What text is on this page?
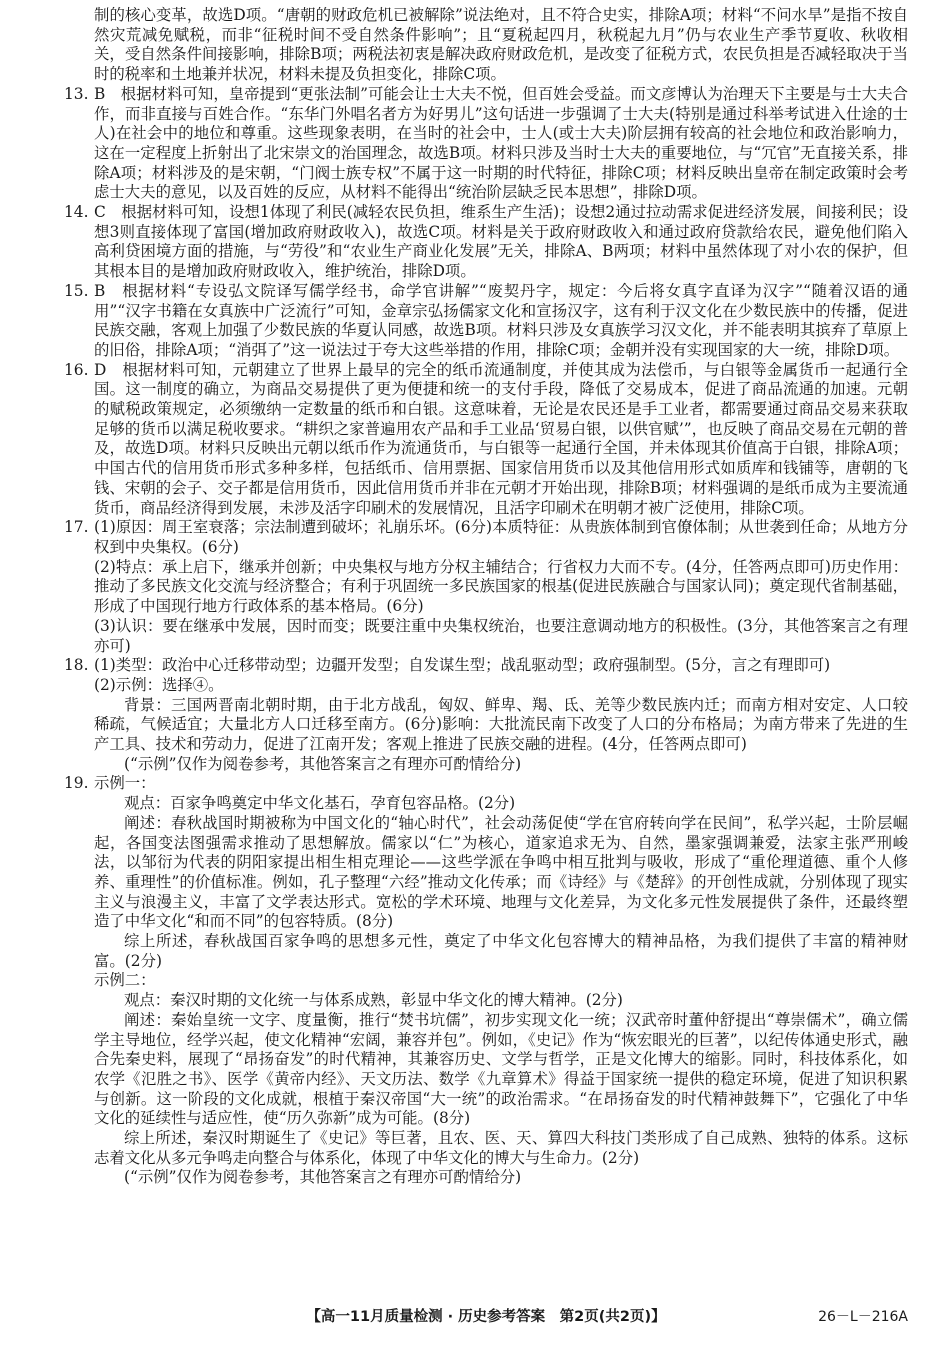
制的核心变革，故选D项。“唐朝的财政危机已被解除”说法绝对，且不符合史实，排除A项；材料“不问水旱”是指不按自然灾荒减免赋税，而非“征税时间不受自然条件影响”；且“夏税起四月，秋税起九月”仍与农业生产季节夏收、秋收相关，受自然条件间接影响，排除B项；两税法初衷是解决政府财政危机，是改变了征税方式，农民负担是否减轻取决于当时的税率和土地兼并状况，材料未提及负担变化，排除C项。

13. B　根据材料可知，皇帝提到“更张法制”可能会让士大夫不悦，但百姓会受益。而文彦博认为治理天下主要是与士大夫合作，而非直接与百姓合作。“东华门外唱名者方为好男儿”这句话进一步强调了士大夫(特别是通过科举考试进入仕途的士人)在社会中的地位和尊重。这些现象表明，在当时的社会中，士人(或士大夫)阶层拥有较高的社会地位和政治影响力，这在一定程度上折射出了北宋崇文的治国理念，故选B项。材料只涉及当时士大夫的重要地位，与“冗官”无直接关系，排除A项；材料涉及的是宋朝，“门阀士族专权”不属于这一时期的时代特征，排除C项；材料反映出皇帝在制定政策时会考虑士大夫的意见，以及百姓的反应，从材料不能得出“统治阶层缺乏民本思想”，排除D项。

14. C　根据材料可知，设想1体现了利民(减轻农民负担，维系生产生活)；设想2通过拉动需求促进经济发展，间接利民；设想3则直接体现了富国(增加政府财政收入)，故选C项。材料是关于政府财政收入和通过政府贷款给农民，避免他们陷入高利贷困境方面的措施，与“劳役”和“农业生产商业化发展”无关，排除A、B两项；材料中虽然体现了对小农的保护，但其根本目的是增加政府财政收入，维护统治，排除D项。

15. B　根据材料“专设弘文院译写儒学经书，命学官讲解”“废契丹字，规定：今后将女真字直译为汉字”“随着汉语的通用”“汉字书籍在女真族中广泛流行”可知，金章宗弘扬儒家文化和宣扬汉字，这有利于汉文化在少数民族中的传播，促进民族交融，客观上加强了少数民族的华夏认同感，故选B项。材料只涉及女真族学习汉文化，并不能表明其摈弃了草原上的旧俗，排除A项；“消弭了”这一说法过于夸大这些举措的作用，排除C项；金朝并没有实现国家的大一统，排除D项。

16. D　根据材料可知，元朝建立了世界上最早的完全的纸币流通制度，并使其成为法偿币，与白银等金属货币一起通行全国。这一制度的确立，为商品交易提供了更为便捷和统一的支付手段，降低了交易成本，促进了商品流通的加速。元朝的赋税政策规定，必须缴纳一定数量的纸币和白银。这意味着，无论是农民还是手工业者，都需要通过商品交易来获取足够的货币以满足税收要求。“耕织之家普遍用农产品和手工业品‘贸易白银，以供官赋’”，也反映了商品交易在元朝的普及，故选D项。材料只反映出元朝以纸币作为流通货币，与白银等一起通行全国，并未体现其价值高于白银，排除A项；中国古代的信用货币形式多种多样，包括纸币、信用票据、国家信用货币以及其他信用形式如质库和钱铺等，唐朝的飞钱、宋朝的会子、交子都是信用货币，因此信用货币并非在元朝才开始出现，排除B项；材料强调的是纸币成为主要流通货币，商品经济得到发展，未涉及活字印刷术的发展情况，且活字印刷术在明朝才被广泛使用，排除C项。

17. (1)原因：周王室衰落；宗法制遭到破坏；礼崩乐坏。(6分)本质特征：从贵族体制到官僚体制；从世袭到任命；从地方分权到中央集权。(6分)

(2)特点：承上启下，继承并创新；中央集权与地方分权主辅结合；行省权力大而不专。(4分，任答两点即可)历史作用：推动了多民族文化交流与经济整合；有利于巩固统一多民族国家的根基(促进民族融合与国家认同)；奠定现代省制基础，形成了中国现行地方行政体系的基本格局。(6分)

(3)认识：要在继承中发展，因时而变；既要注重中央集权统治，也要注意调动地方的积极性。(3分，其他答案言之有理亦可)

18. (1)类型：政治中心迁移带动型；边疆开发型；自发谋生型；战乱驱动型；政府强制型。(5分，言之有理即可)

(2)示例：选择④。

背景：三国两晋南北朝时期，由于北方战乱，匈奴、鲜卑、羯、氐、羌等少数民族内迁；而南方相对安定、人口较稀疏，气候适宜；大量北方人口迁移至南方。(6分)影响：大批流民南下改变了人口的分布格局；为南方带来了先进的生产工具、技术和劳动力，促进了江南开发；客观上推进了民族交融的进程。(4分，任答两点即可)

(“示例”仅作为阅卷参考，其他答案言之有理亦可酌情给分)

19. 示例一：

观点：百家争鸣奠定中华文化基石，孕育包容品格。(2分)

阐述：春秋战国时期被称为中国文化的“轴心时代”，社会动荡促使“学在官府转向学在民间”，私学兴起，士阶层崛起，各国变法图强需求推动了思想解放。儒家以“仁”为核心，道家追求无为、自然，墨家强调兼爱，法家主张严刑峻法，以邹衍为代表的阴阳家提出相生相克理论——这些学派在争鸣中相互批判与吸收，形成了“重伦理道德、重个人修养、重理性”的价值标准。例如，孔子整理“六经”推动文化传承；而《诗经》与《楚辞》的开创性成就，分别体现了现实主义与浪漫主义，丰富了文学表达形式。宽松的学术环境、地理与文化差异，为文化多元性发展提供了条件，还最终塑造了中华文化“和而不同”的包容特质。(8分)

综上所述，春秋战国百家争鸣的思想多元性，奠定了中华文化包容博大的精神品格，为我们提供了丰富的精神财富。(2分)

示例二：

观点：秦汉时期的文化统一与体系成熟，彰显中华文化的博大精神。(2分)

阐述：秦始皇统一文字、度量衡，推行“焚书坑儒”，初步实现文化一统；汉武帝时董仲舒提出“尊崇儒术”，确立儒学主导地位，经学兴起，使文化精神“宏阔，兼容并包”。例如，《史记》作为“恢宏眼光的巨著”，以纪传体通史形式，融合先秦史料，展现了“昂扬奋发”的时代精神，其兼容历史、文学与哲学，正是文化博大的缩影。同时，科技体系化，如农学《氾胜之书》、医学《黄帝内经》、天文历法、数学《九章算术》得益于国家统一提供的稳定环境，促进了知识积累与创新。这一阶段的文化成就，根植于秦汉帝国“大一统”的政治需求。“在昂扬奋发的时代精神鼓舞下”，它强化了中华文化的延续性与适应性，使“历久弥新”成为可能。(8分)

综上所述，秦汉时期诞生了《史记》等巨著，且农、医、天、算四大科技门类形成了自己成熟、独特的体系。这标志着文化从多元争鸣走向整合与体系化，体现了中华文化的博大与生命力。(2分)

(“示例”仅作为阅卷参考，其他答案言之有理亦可酌情给分)

【高一11月质量检测 · 历史参考答案　第2页(共2页)】	26－L－216A
